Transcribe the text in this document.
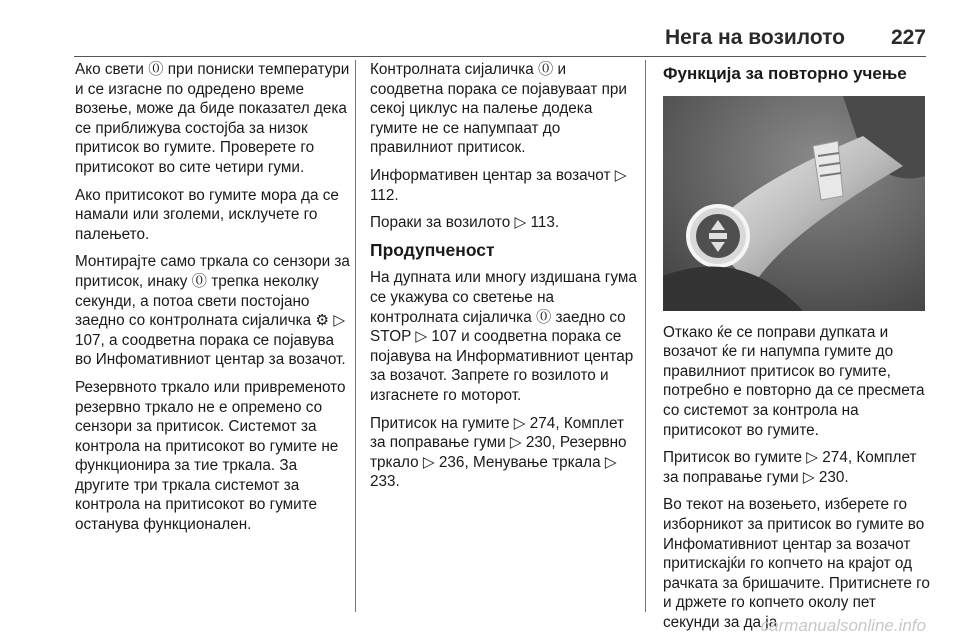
Нега на возилото 227

Ако свети ⓪ при пониски температури и се изгасне по одредено време возење, може да биде показател дека се приближува состојба за низок притисок во гумите. Проверете го притисокот во сите четири гуми.

Ако притисокот во гумите мора да се намали или зголеми, исклучете го палењето.

Монтирајте само тркала со сензори за притисок, инаку ⓪ трепка неколку секунди, а потоа свети постојано заедно со контролната сијаличка ⚙ ▷ 107, а соодветна порака се појавува во Инфомативниот центар за возачот.

Резервното тркало или привременото резервно тркало не е опремено со сензори за притисок. Системот за контрола на притисокот во гумите не функционира за тие тркала. За другите три тркала системот за контрола на притисокот во гумите останува функционален.

Контролната сијаличка ⓪ и соодветна порака се појавуваат при секој циклус на палење додека гумите не се напумпаат до правилниот притисок.

Информативен центар за возачот ▷ 112.

Пораки за возилото ▷ 113.

Продупченост

На дупната или многу издишана гума се укажува со светење на контролната сијаличка ⓪ заедно со STOP ▷ 107 и соодветна порака се појавува на Информативниот центар за возачот. Запрете го возилото и изгаснете го моторот.

Притисок на гумите ▷ 274, Комплет за поправање гуми ▷ 230, Резервно тркало ▷ 236, Менување тркала ▷ 233.

Функција за повторно учење

Откако ќе се поправи дупката и возачот ќе ги напумпа гумите до правилниот притисок во гумите, потребно е повторно да се пресмета со системот за контрола на притисокот во гумите.

Притисок во гумите ▷ 274, Комплет за поправање гуми ▷ 230.

Во текот на возењето, изберете го изборникот за притисок во гумите во Инфомативниот центар за возачот притискајќи го копчето на крајот од рачката за бришачите. Притиснете го и држете го копчето околу пет секунди за да ја

carmanualsonline.info
